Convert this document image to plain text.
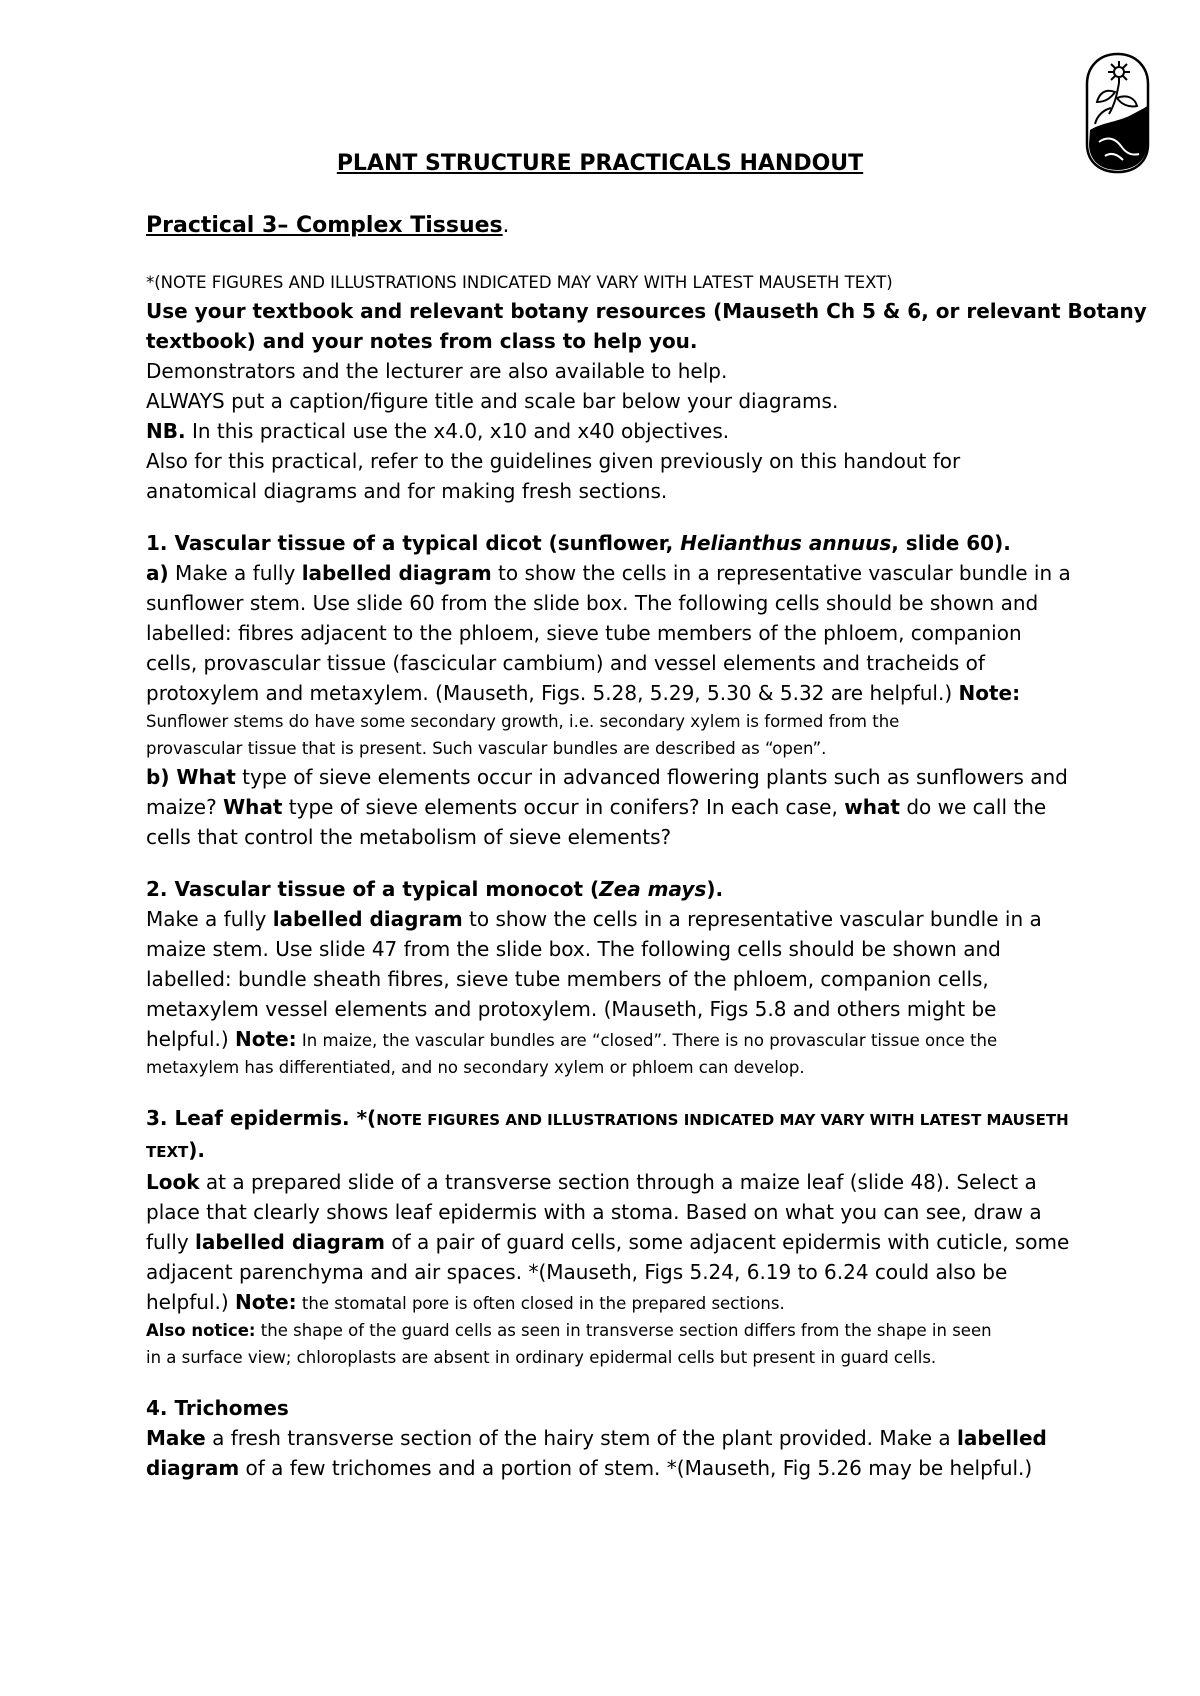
PLANT STRUCTURE PRACTICALS HANDOUT
Practical 3– Complex Tissues.
*(NOTE FIGURES AND ILLUSTRATIONS INDICATED MAY VARY WITH LATEST MAUSETH TEXT)
Use your textbook and relevant botany resources (Mauseth Ch 5 & 6, or relevant Botany
textbook) and your notes from class to help you.
Demonstrators and the lecturer are also available to help.
ALWAYS put a caption/figure title and scale bar below your diagrams.
NB. In this practical use the x4.0, x10 and x40 objectives.
Also for this practical, refer to the guidelines given previously on this handout for
anatomical diagrams and for making fresh sections.
1. Vascular tissue of a typical dicot (sunflower, Helianthus annuus, slide 60).
a) Make a fully labelled diagram to show the cells in a representative vascular bundle in a
sunflower stem. Use slide 60 from the slide box. The following cells should be shown and
labelled: fibres adjacent to the phloem, sieve tube members of the phloem, companion
cells, provascular tissue (fascicular cambium) and vessel elements and tracheids of
protoxylem and metaxylem. (Mauseth, Figs. 5.28, 5.29, 5.30 & 5.32 are helpful.) Note:
Sunflower stems do have some secondary growth, i.e. secondary xylem is formed from the
provascular tissue that is present. Such vascular bundles are described as “open”.
b) What type of sieve elements occur in advanced flowering plants such as sunflowers and
maize? What type of sieve elements occur in conifers? In each case, what do we call the
cells that control the metabolism of sieve elements?
2. Vascular tissue of a typical monocot (Zea mays).
Make a fully labelled diagram to show the cells in a representative vascular bundle in a
maize stem. Use slide 47 from the slide box. The following cells should be shown and
labelled: bundle sheath fibres, sieve tube members of the phloem, companion cells,
metaxylem vessel elements and protoxylem. (Mauseth, Figs 5.8 and others might be
helpful.) Note: In maize, the vascular bundles are “closed”. There is no provascular tissue once the
metaxylem has differentiated, and no secondary xylem or phloem can develop.
3. Leaf epidermis. *(NOTE FIGURES AND ILLUSTRATIONS INDICATED MAY VARY WITH LATEST MAUSETH
TEXT).
Look at a prepared slide of a transverse section through a maize leaf (slide 48). Select a
place that clearly shows leaf epidermis with a stoma. Based on what you can see, draw a
fully labelled diagram of a pair of guard cells, some adjacent epidermis with cuticle, some
adjacent parenchyma and air spaces. *(Mauseth, Figs 5.24, 6.19 to 6.24 could also be
helpful.) Note: the stomatal pore is often closed in the prepared sections.
Also notice: the shape of the guard cells as seen in transverse section differs from the shape in seen
in a surface view; chloroplasts are absent in ordinary epidermal cells but present in guard cells.
4. Trichomes
Make a fresh transverse section of the hairy stem of the plant provided. Make a labelled
diagram of a few trichomes and a portion of stem. *(Mauseth, Fig 5.26 may be helpful.)
